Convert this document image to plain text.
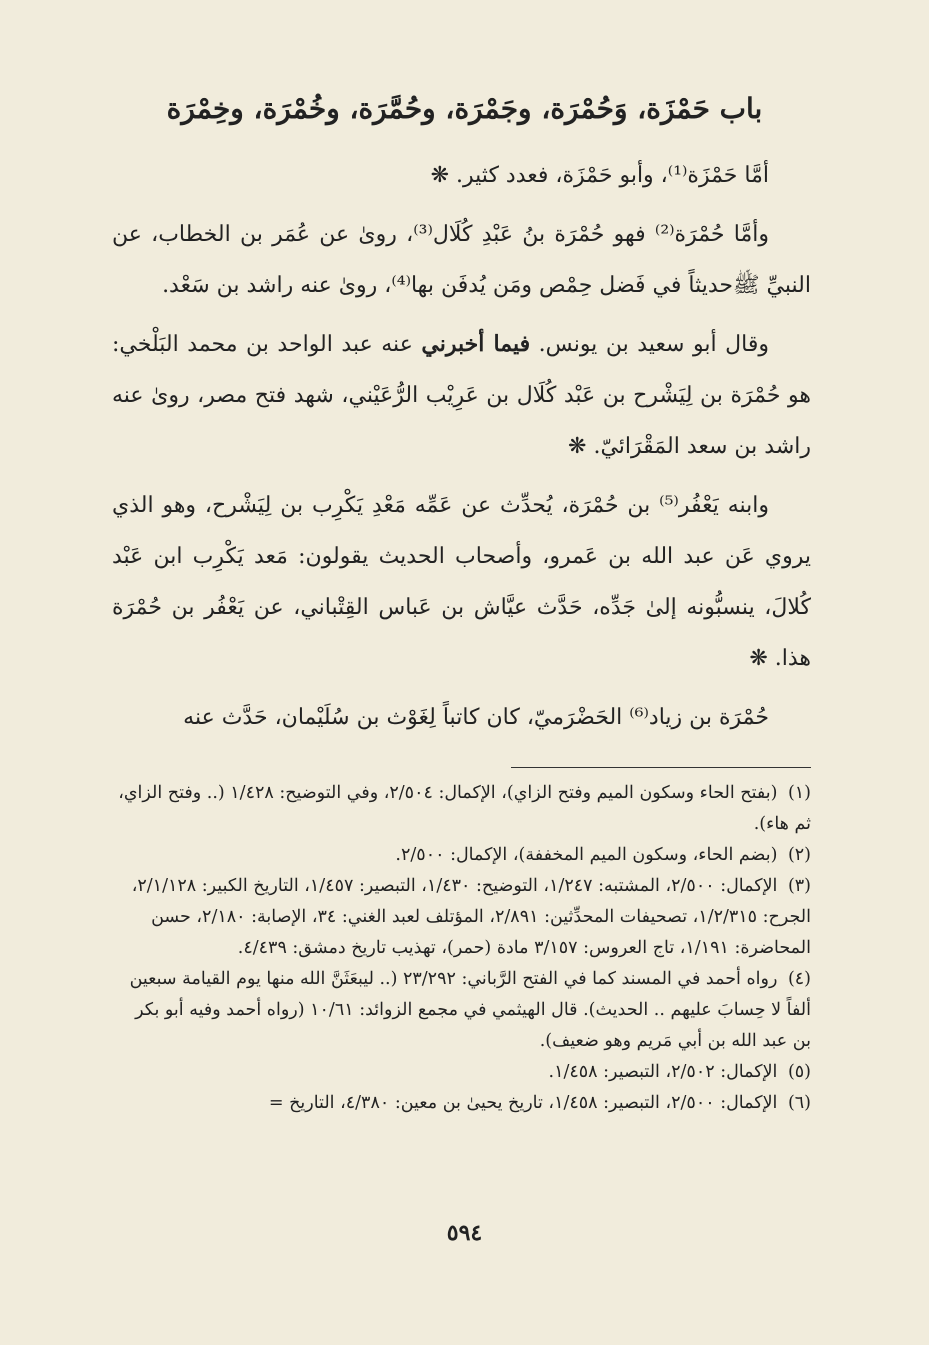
باب حَمْزَة، وَحُمْرَة، وجَمْرَة، وحُمَّرَة، وخُمْرَة، وخِمْرَة

أمَّا حَمْزَة⁽¹⁾، وأبو حَمْزَة، فعدد كثير. ❋

وأمَّا حُمْرَة⁽²⁾ فهو حُمْرَة بنُ عَبْدِ كُلَال⁽³⁾، روىٰ عن عُمَر بن الخطاب، عن النبيِّ ﷺحديثاً في فَضل حِمْص ومَن يُدفَن بها⁽⁴⁾، روىٰ عنه راشد بن سَعْد.

وقال أبو سعيد بن يونس. فيما أخبرني عنه عبد الواحد بن محمد البَلْخي: هو حُمْرَة بن لِيَشْرح بن عَبْد كُلَال بن عَرِيْب الرُّعَيْني، شهد فتح مصر، روىٰ عنه راشد بن سعد المَقْرَائيّ. ❋

وابنه يَعْفُر⁽⁵⁾ بن حُمْرَة، يُحدِّث عن عَمِّه مَعْدِ يَكْرِب بن لِيَشْرح، وهو الذي يروي عَن عبد الله بن عَمرو، وأصحاب الحديث يقولون: مَعد يَكْرِب ابن عَبْد كُلالَ، ينسبُّونه إلىٰ جَدِّه، حَدَّث عيَّاش بن عَباس القِتْباني، عن يَعْفُر بن حُمْرَة هذا. ❋

حُمْرَة بن زياد⁽⁶⁾ الحَضْرَميّ، كان كاتباً لِغَوْث بن سُلَيْمان، حَدَّث عنه

(١) (بفتح الحاء وسكون الميم وفتح الزاي)، الإكمال: ٢/٥٠٤، وفي التوضيح: ١/٤٢٨ (.. وفتح الزاي، ثم هاء).

(٢) (بضم الحاء، وسكون الميم المخففة)، الإكمال: ٢/٥٠٠.

(٣) الإكمال: ٢/٥٠٠، المشتبه: ١/٢٤٧، التوضيح: ١/٤٣٠، التبصير: ١/٤٥٧، التاريخ الكبير: ٢/١/١٢٨، الجرح: ١/٢/٣١٥، تصحيفات المحدِّثين: ٢/٨٩١، المؤتلف لعبد الغني: ٣٤، الإصابة: ٢/١٨٠، حسن المحاضرة: ١/١٩١، تاج العروس: ٣/١٥٧ مادة (حمر)، تهذيب تاريخ دمشق: ٤/٤٣٩.

(٤) رواه أحمد في المسند كما في الفتح الرَّباني: ٢٣/٢٩٢ (.. ليبعَثَنَّ الله منها يوم القيامة سبعين ألفاً لا حِسابَ عليهم .. الحديث). قال الهيثمي في مجمع الزوائد: ١٠/٦١ (رواه أحمد وفيه أبو بكر بن عبد الله بن أبي مَريم وهو ضعيف).

(٥) الإكمال: ٢/٥٠٢، التبصير: ١/٤٥٨.

(٦) الإكمال: ٢/٥٠٠، التبصير: ١/٤٥٨، تاريخ يحيىٰ بن معين: ٤/٣٨٠، التاريخ =

٥٩٤
